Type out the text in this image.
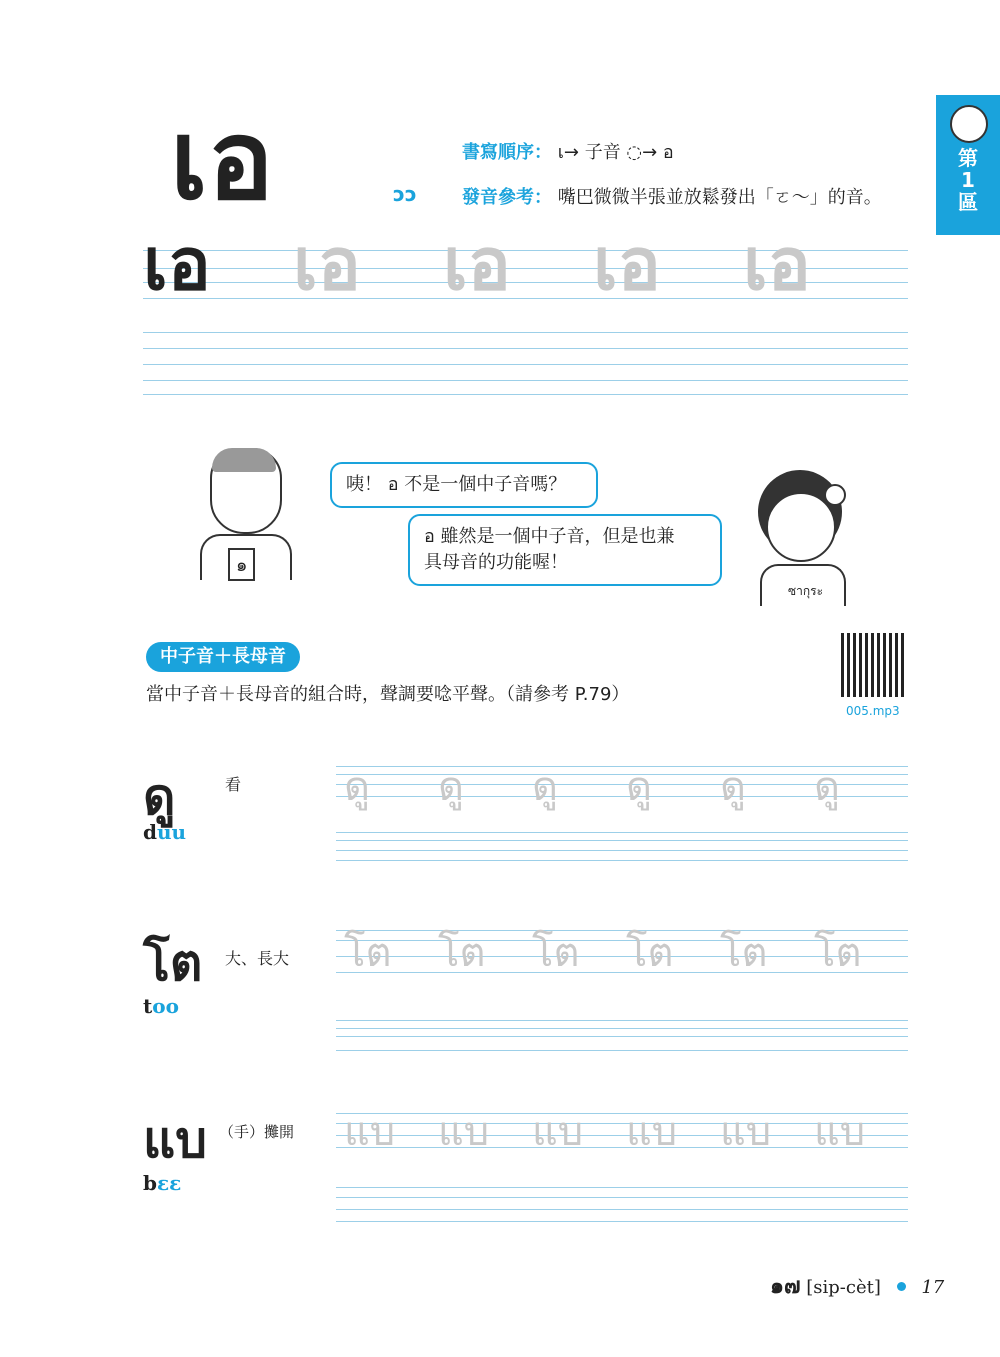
第
1
區
เอ	ɔɔ
書寫順序： เ→ 子音 ◌→ อ
發音參考： 嘴巴微微半張並放鬆發出「ㄛ～」的音。
เอ เอ เอ เอ เอ
๑
咦！ อ 不是一個中子音嗎？
อ 雖然是一個中子音，但是也兼
具母音的功能喔！
ซากุระ
中子音＋長母音
當中子音＋長母音的組合時，聲調要唸平聲。（請參考 P.79）
005.mp3
ดู	看
duu
ดู ดู ดู ดู ดู ดู
โต 大、長大
too
โต โต โต โต โต โต
แบ （手）攤開
bɛɛ
แบ แบ แบ แบ แบ แบ
๑๗ [sip-cèt] 17
